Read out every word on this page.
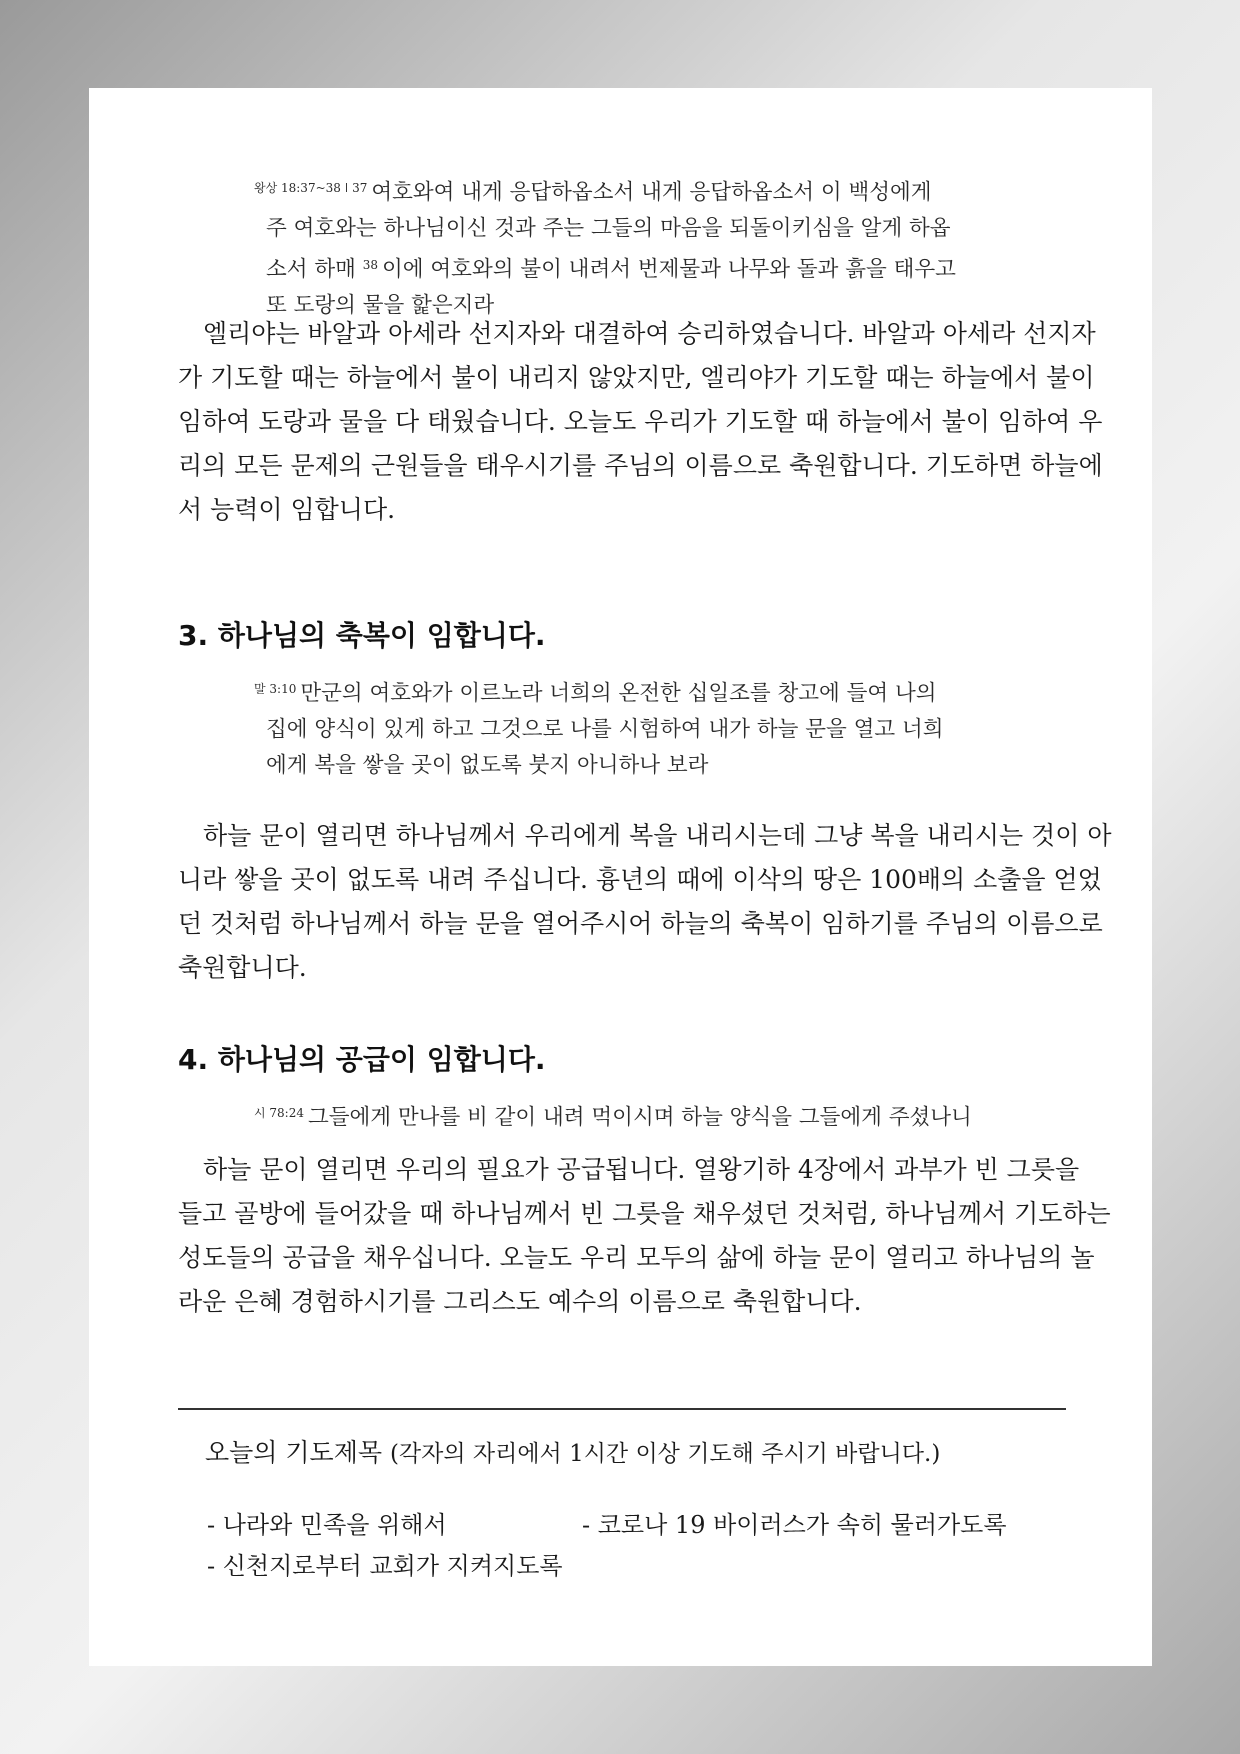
$^{왕상 18:37\sim 38 ǀ 37}$ 여호와여 내게 응답하옵소서 내게 응답하옵소서 이 백성에게
주 여호와는 하나님이신 것과 주는 그들의 마음을 되돌이키심을 알게 하옵
소서 하매 $^{38}$ 이에 여호와의 불이 내려서 번제물과 나무와 돌과 흙을 태우고
또 도랑의 물을 핥은지라
엘리야는 바알과 아세라 선지자와 대결하여 승리하였습니다. 바알과 아세라 선지자
가 기도할 때는 하늘에서 불이 내리지 않았지만, 엘리야가 기도할 때는 하늘에서 불이
임하여 도랑과 물을 다 태웠습니다. 오늘도 우리가 기도할 때 하늘에서 불이 임하여 우
리의 모든 문제의 근원들을 태우시기를 주님의 이름으로 축원합니다. 기도하면 하늘에
서 능력이 임합니다.
3. 하나님의 축복이 임합니다.
$^{말 3:10}$ 만군의 여호와가 이르노라 너희의 온전한 십일조를 창고에 들여 나의
집에 양식이 있게 하고 그것으로 나를 시험하여 내가 하늘 문을 열고 너희
에게 복을 쌓을 곳이 없도록 붓지 아니하나 보라
하늘 문이 열리면 하나님께서 우리에게 복을 내리시는데 그냥 복을 내리시는 것이 아
니라 쌓을 곳이 없도록 내려 주십니다. 흉년의 때에 이삭의 땅은 100배의 소출을 얻었
던 것처럼 하나님께서 하늘 문을 열어주시어 하늘의 축복이 임하기를 주님의 이름으로
축원합니다.
4. 하나님의 공급이 임합니다.
$^{시 78:24}$ 그들에게 만나를 비 같이 내려 먹이시며 하늘 양식을 그들에게 주셨나니
하늘 문이 열리면 우리의 필요가 공급됩니다. 열왕기하 4장에서 과부가 빈 그릇을
들고 골방에 들어갔을 때 하나님께서 빈 그릇을 채우셨던 것처럼, 하나님께서 기도하는
성도들의 공급을 채우십니다. 오늘도 우리 모두의 삶에 하늘 문이 열리고 하나님의 놀
라운 은혜 경험하시기를 그리스도 예수의 이름으로 축원합니다.
오늘의 기도제목 (각자의 자리에서 1시간 이상 기도해 주시기 바랍니다.)
- 나라와 민족을 위해서	- 코로나 19 바이러스가 속히 물러가도록
- 신천지로부터 교회가 지켜지도록
